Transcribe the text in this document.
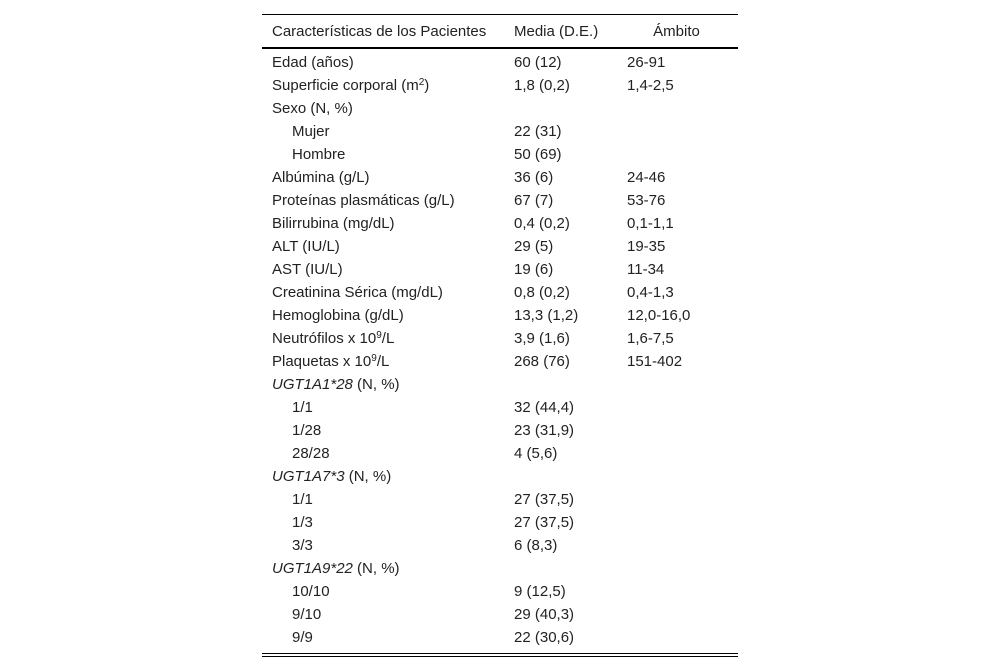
Características de los Pacientes	Media (D.E.)	Ámbito
Edad (años)	60 (12)	26-91
Superficie corporal $(m^2)$	1,8 (0,2)	1,4-2,5
Sexo (N, %)		
Mujer	22 (31)	
Hombre	50 (69)	
Albúmina (g/L)	36 (6)	24-46
Proteínas plasmáticas (g/L)	67 (7)	53-76
Bilirrubina (mg/dL)	0,4 (0,2)	0,1-1,1
ALT (IU/L)	29 (5)	19-35
AST (IU/L)	19 (6)	11-34
Creatinina Sérica (mg/dL)	0,8 (0,2)	0,4-1,3
Hemoglobina (g/dL)	13,3 (1,2)	12,0-16,0
Neutrófilos x $10^9/L$	3,9 (1,6)	1,6-7,5
Plaquetas x $10^9/L$	268 (76)	151-402
UGT1A1*28 (N, %)		
1/1	32 (44,4)	
1/28	23 (31,9)	
28/28	4 (5,6)	
UGT1A7*3 (N, %)		
1/1	27 (37,5)	
1/3	27 (37,5)	
3/3	6 (8,3)	
UGT1A9*22 (N, %)		
10/10	9 (12,5)	
9/10	29 (40,3)	
9/9	22 (30,6)	
